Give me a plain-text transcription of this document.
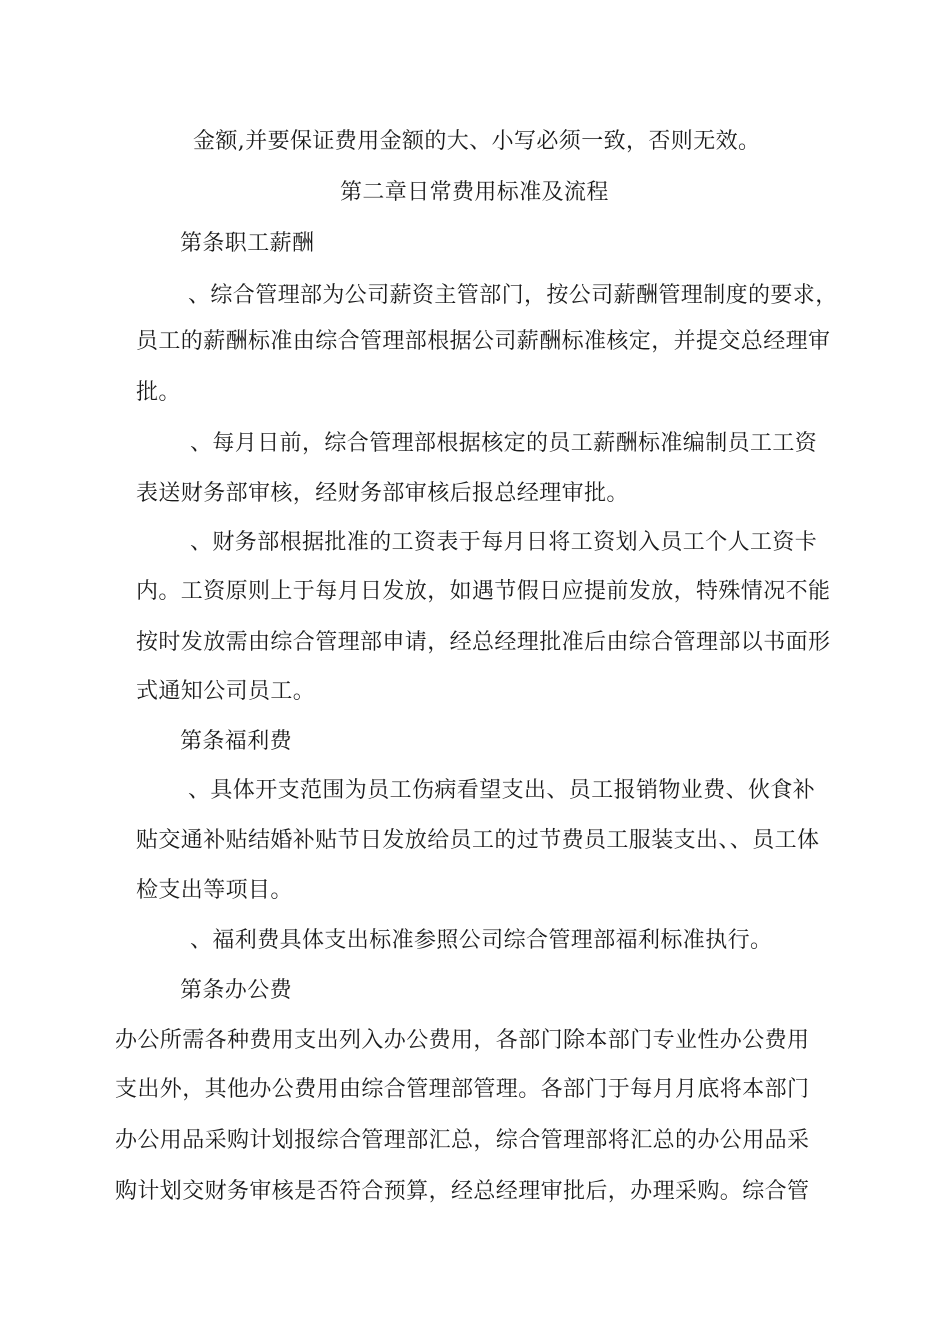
金额,并要保证费用金额的大、小写必须一致，否则无效。
第二章日常费用标准及流程
第条职工薪酬
、综合管理部为公司薪资主管部门，按公司薪酬管理制度的要求，
员工的薪酬标准由综合管理部根据公司薪酬标准核定，并提交总经理审
批。
、每月日前，综合管理部根据核定的员工薪酬标准编制员工工资
表送财务部审核，经财务部审核后报总经理审批。
、财务部根据批准的工资表于每月日将工资划入员工个人工资卡
内。工资原则上于每月日发放，如遇节假日应提前发放，特殊情况不能
按时发放需由综合管理部申请，经总经理批准后由综合管理部以书面形
式通知公司员工。
第条福利费
、具体开支范围为员工伤病看望支出、员工报销物业费、伙食补
贴交通补贴结婚补贴节日发放给员工的过节费员工服装支出、、员工体
检支出等项目。
、福利费具体支出标准参照公司综合管理部福利标准执行。
第条办公费
办公所需各种费用支出列入办公费用，各部门除本部门专业性办公费用
支出外，其他办公费用由综合管理部管理。各部门于每月月底将本部门
办公用品采购计划报综合管理部汇总，综合管理部将汇总的办公用品采
购计划交财务审核是否符合预算，经总经理审批后，办理采购。综合管
